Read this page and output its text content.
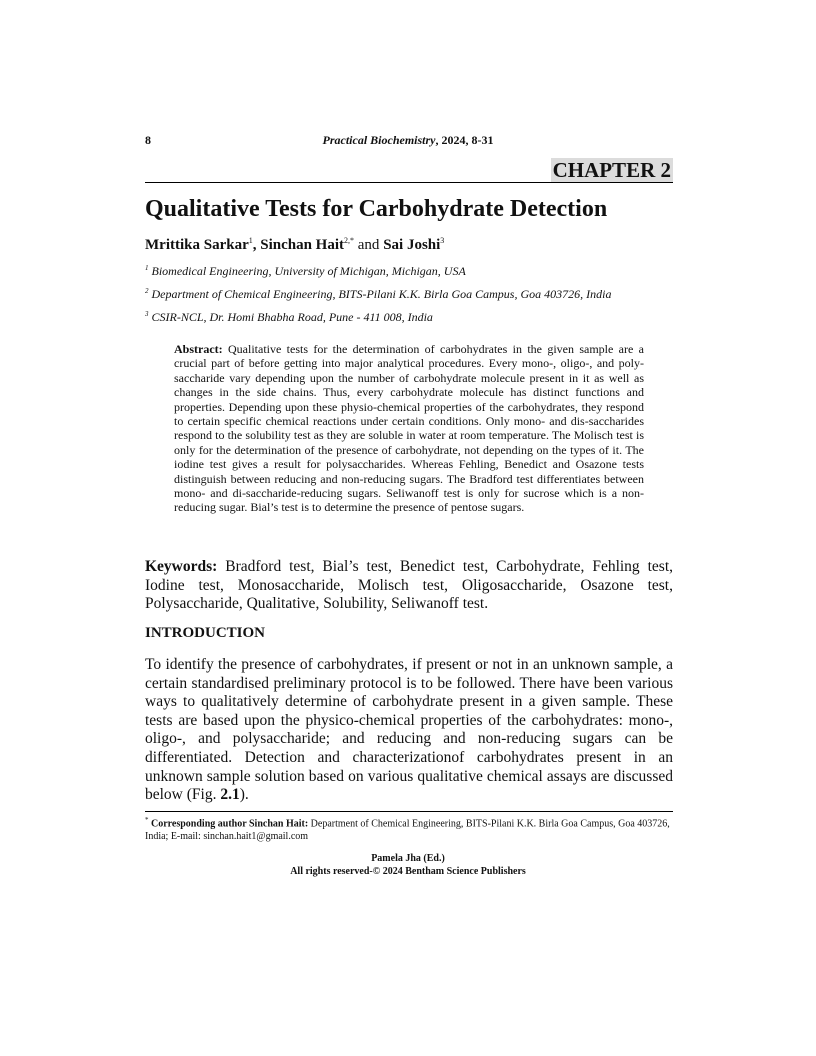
8	Practical Biochemistry, 2024, 8-31
CHAPTER 2
Qualitative Tests for Carbohydrate Detection
Mrittika Sarkar$^1$, Sinchan Hait$^{2,*}$ and Sai Joshi$^3$
$^1$ Biomedical Engineering, University of Michigan, Michigan, USA
$^2$ Department of Chemical Engineering, BITS-Pilani K.K. Birla Goa Campus, Goa 403726, India
$^3$ CSIR-NCL, Dr. Homi Bhabha Road, Pune - 411 008, India
Abstract: Qualitative tests for the determination of carbohydrates in the given sample are a crucial part of before getting into major analytical procedures. Every mono-, oligo-, and poly-saccharide vary depending upon the number of carbohydrate molecule present in it as well as changes in the side chains. Thus, every carbohydrate molecule has distinct functions and properties. Depending upon these physio-chemical properties of the carbohydrates, they respond to certain specific chemical reactions under certain conditions. Only mono- and dis-saccharides respond to the solubility test as they are soluble in water at room temperature. The Molisch test is only for the determination of the presence of carbohydrate, not depending on the types of it. The iodine test gives a result for polysaccharides. Whereas Fehling, Benedict and Osazone tests distinguish between reducing and non-reducing sugars. The Bradford test differentiates between mono- and di-saccharide-reducing sugars. Seliwanoff test is only for sucrose which is a non-reducing sugar. Bial’s test is to determine the presence of pentose sugars.
Keywords: Bradford test, Bial’s test, Benedict test, Carbohydrate, Fehling test, Iodine test, Monosaccharide, Molisch test, Oligosaccharide, Osazone test, Polysaccharide, Qualitative, Solubility, Seliwanoff test.
INTRODUCTION

To identify the presence of carbohydrates, if present or not in an unknown sample, a certain standardised preliminary protocol is to be followed. There have been various ways to qualitatively determine of carbohydrate present in a given sample. These tests are based upon the physico-chemical properties of the carbohydrates: mono-, oligo-, and polysaccharide; and reducing and non-reducing sugars can be differentiated. Detection and characterizationof carbohydrates present in an unknown sample solution based on various qualitative chemical assays are discussed below (Fig. 2.1).

* Corresponding author Sinchan Hait: Department of Chemical Engineering, BITS-Pilani K.K. Birla Goa Campus, Goa 403726, India; E-mail: sinchan.hait1@gmail.com
Pamela Jha (Ed.)
All rights reserved-© 2024 Bentham Science Publishers
